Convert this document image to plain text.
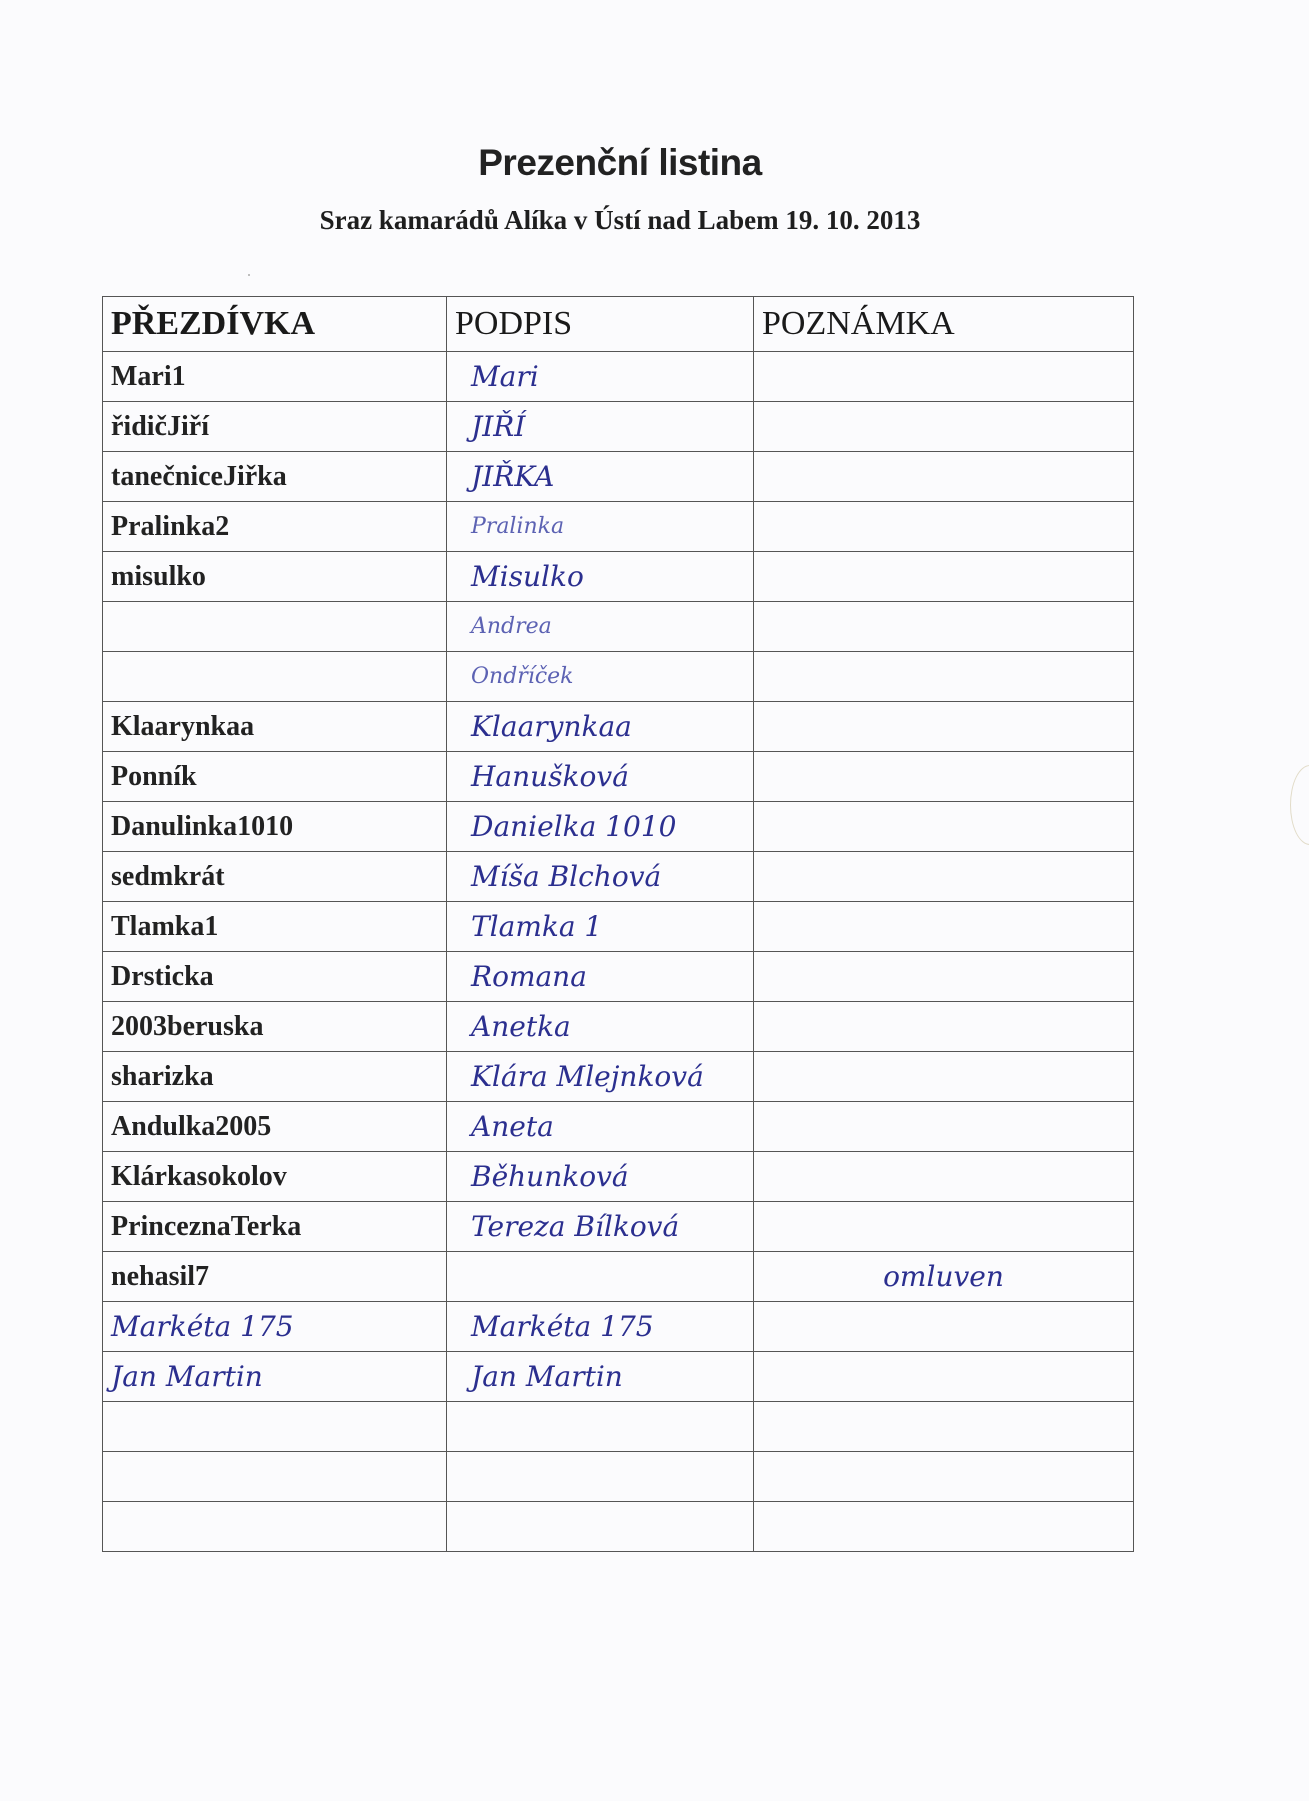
Prezenční listina
Sraz kamarádů Alíka v Ústí nad Labem 19. 10. 2013
PŘEZDÍVKA	PODPIS	POZNÁMKA
Mari1	Mari	
řidičJiří	JIŘÍ	
tanečniceJiřka	JIŘKA	
Pralinka2	Pralinka	
misulko	Misulko	
	Andrea	
	Ondříček	
Klaarynkaa	Klaarynkaa	
Ponník	Hanušková	
Danulinka1010	Danielka 1010	
sedmkrát	Míša Blchová	
Tlamka1	Tlamka 1	
Drsticka	Romana	
2003beruska	Anetka	
sharizka	Klára Mlejnková	
Andulka2005	Aneta	
Klárkasokolov	Běhunková	
PrinceznaTerka	Tereza Bílková	
nehasil7		omluven
Markéta 175	Markéta 175	
Jan Martin	Jan Martin	
